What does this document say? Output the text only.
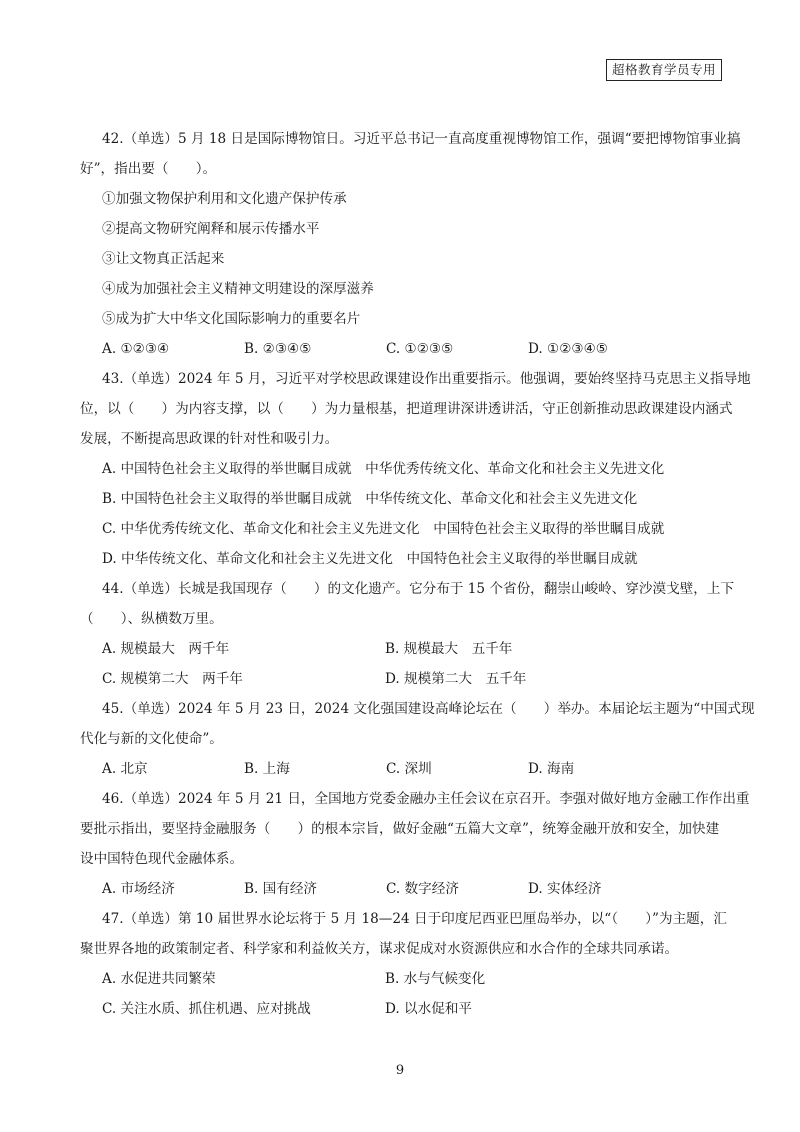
超格教育学员专用
42.（单选）5 月 18 日是国际博物馆日。习近平总书记一直高度重视博物馆工作，强调“要把博物馆事业搞
好”，指出要（　　）。
①加强文物保护利用和文化遗产保护传承
②提高文物研究阐释和展示传播水平
③让文物真正活起来
④成为加强社会主义精神文明建设的深厚滋养
⑤成为扩大中华文化国际影响力的重要名片
A. ①②③④	B. ②③④⑤	C. ①②③⑤	D. ①②③④⑤
43.（单选）2024 年 5 月，习近平对学校思政课建设作出重要指示。他强调，要始终坚持马克思主义指导地
位，以（　　）为内容支撑，以（　　）为力量根基，把道理讲深讲透讲活，守正创新推动思政课建设内涵式
发展，不断提高思政课的针对性和吸引力。
A. 中国特色社会主义取得的举世瞩目成就　中华优秀传统文化、革命文化和社会主义先进文化
B. 中国特色社会主义取得的举世瞩目成就　中华传统文化、革命文化和社会主义先进文化
C. 中华优秀传统文化、革命文化和社会主义先进文化　中国特色社会主义取得的举世瞩目成就
D. 中华传统文化、革命文化和社会主义先进文化　中国特色社会主义取得的举世瞩目成就
44.（单选）长城是我国现存（　　）的文化遗产。它分布于 15 个省份，翻崇山峻岭、穿沙漠戈壁，上下
（　　）、纵横数万里。
A. 规模最大　两千年	B. 规模最大　五千年
C. 规模第二大　两千年	D. 规模第二大　五千年
45.（单选）2024 年 5 月 23 日，2024 文化强国建设高峰论坛在（　　）举办。本届论坛主题为“中国式现
代化与新的文化使命”。
A. 北京	B. 上海	C. 深圳	D. 海南
46.（单选）2024 年 5 月 21 日，全国地方党委金融办主任会议在京召开。李强对做好地方金融工作作出重
要批示指出，要坚持金融服务（　　）的根本宗旨，做好金融“五篇大文章”，统筹金融开放和安全，加快建
设中国特色现代金融体系。
A. 市场经济	B. 国有经济	C. 数字经济	D. 实体经济
47.（单选）第 10 届世界水论坛将于 5 月 18—24 日于印度尼西亚巴厘岛举办，以“（　　）”为主题，汇
聚世界各地的政策制定者、科学家和利益攸关方，谋求促成对水资源供应和水合作的全球共同承诺。
A. 水促进共同繁荣	B. 水与气候变化
C. 关注水质、抓住机遇、应对挑战	D. 以水促和平
9
